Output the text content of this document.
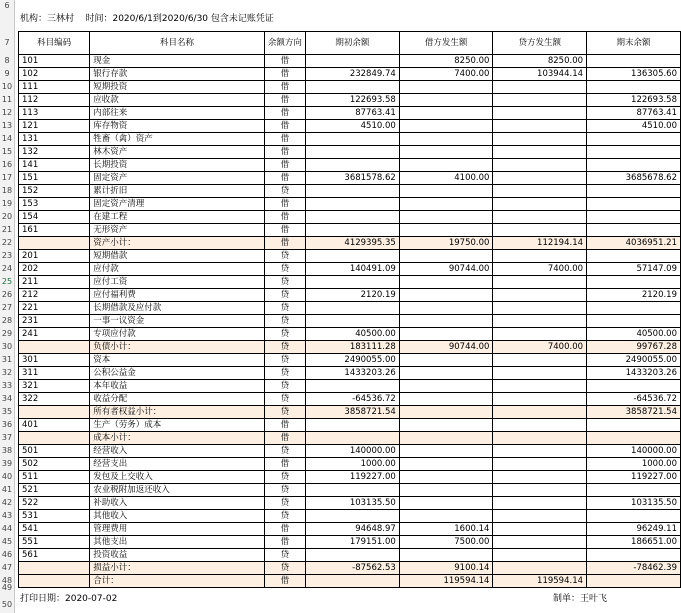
6
7
8
9
10
11
12
13
14
15
16
17
18
19
20
21
22
23
24
25
26
27
28
29
30
31
32
33
34
35
36
37
38
39
40
41
42
43
44
45
46
47
48
49
50
机构：三林村 时间：2020/6/1到2020/6/30 包含未记账凭证
科目编码	科目名称	余额方向	期初余额	借方发生额	贷方发生额	期末余额
101	现金	借		8250.00	8250.00	
102	银行存款	借	232849.74	7400.00	103944.14	136305.60
111	短期投资	借				
112	应收款	借	122693.58			122693.58
113	内部往来	借	87763.41			87763.41
121	库存物资	借	4510.00			4510.00
131	牲畜（禽）资产	借				
132	林木资产	借				
141	长期投资	借				
151	固定资产	借	3681578.62	4100.00		3685678.62
152	累计折旧	贷				
153	固定资产清理	借				
154	在建工程	借				
161	无形资产	借				
	资产小计：	借	4129395.35	19750.00	112194.14	4036951.21
201	短期借款	贷				
202	应付款	贷	140491.09	90744.00	7400.00	57147.09
211	应付工资	贷				
212	应付福利费	贷	2120.19			2120.19
221	长期借款及应付款	贷				
231	一事一议资金	贷				
241	专项应付款	贷	40500.00			40500.00
	负债小计：	贷	183111.28	90744.00	7400.00	99767.28
301	资本	贷	2490055.00			2490055.00
311	公积公益金	贷	1433203.26			1433203.26
321	本年收益	贷				
322	收益分配	贷	-64536.72			-64536.72
	所有者权益小计：	贷	3858721.54			3858721.54
401	生产（劳务）成本	借				
	成本小计：	借				
501	经营收入	贷	140000.00			140000.00
502	经营支出	借	1000.00			1000.00
511	发包及上交收入	贷	119227.00			119227.00
521	农业税附加返还收入	贷				
522	补助收入	贷	103135.50			103135.50
531	其他收入	贷				
541	管理费用	借	94648.97	1600.14		96249.11
551	其他支出	借	179151.00	7500.00		186651.00
561	投资收益	贷				
	损益小计：	贷	-87562.53	9100.14		-78462.39
	合计：	借		119594.14	119594.14	
打印日期：2020-07-02	制单：王叶飞
